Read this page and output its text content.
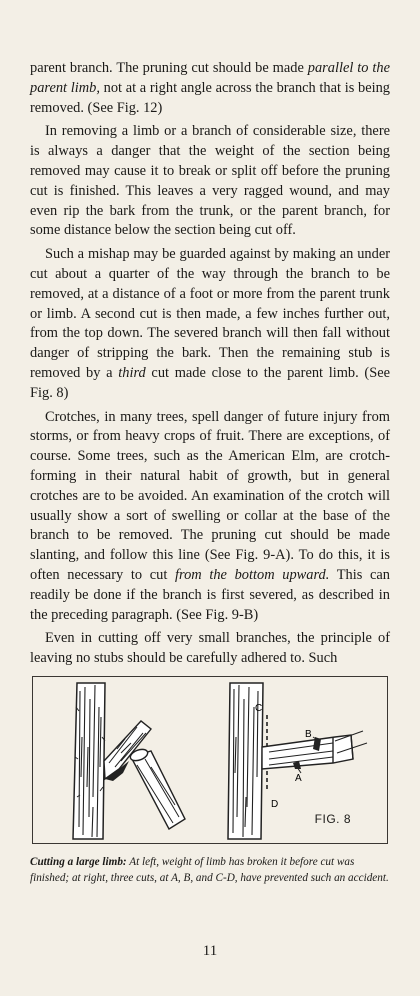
parent branch. The pruning cut should be made parallel to the parent limb, not at a right angle across the branch that is being removed. (See Fig. 12)

In removing a limb or a branch of considerable size, there is always a danger that the weight of the section being removed may cause it to break or split off before the pruning cut is finished. This leaves a very ragged wound, and may even rip the bark from the trunk, or the parent branch, for some distance below the section being cut off.

Such a mishap may be guarded against by making an under cut about a quarter of the way through the branch to be removed, at a distance of a foot or more from the parent trunk or limb. A second cut is then made, a few inches further out, from the top down. The severed branch will then fall without danger of stripping the bark. Then the remaining stub is removed by a third cut made close to the parent limb. (See Fig. 8)

Crotches, in many trees, spell danger of future injury from storms, or from heavy crops of fruit. There are exceptions, of course. Some trees, such as the American Elm, are crotch-forming in their natural habit of growth, but in general crotches are to be avoided. An examination of the crotch will usually show a sort of swelling or collar at the base of the branch to be removed. The pruning cut should be made slanting, and follow this line (See Fig. 9-A). To do this, it is often necessary to cut from the bottom upward. This can readily be done if the branch is first severed, as described in the preceding paragraph. (See Fig. 9-B)

Even in cutting off very small branches, the principle of leaving no stubs should be carefully adhered to. Such

C
D
B
A
FIG. 8
Cutting a large limb: At left, weight of limb has broken it before cut was finished; at right, three cuts, at A, B, and C-D, have prevented such an accident.
11
